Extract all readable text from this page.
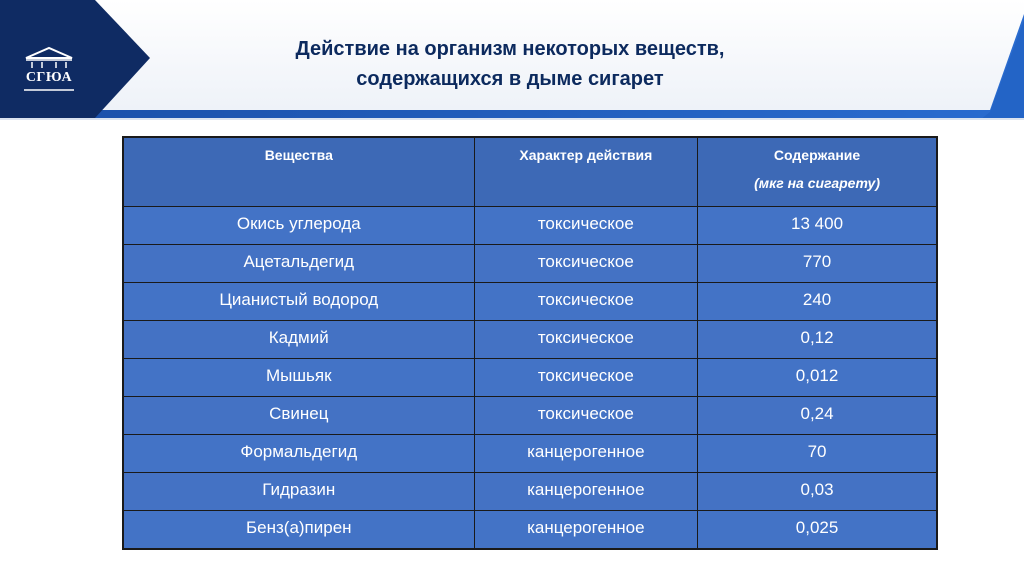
СГЮА
Действие на организм некоторых веществ,
содержащихся в дыме сигарет
Вещества	Характер действия	Содержание
(мкг на сигарету)

Окись углерода	токсическое	13 400
Ацетальдегид	токсическое	770
Цианистый водород	токсическое	240
Кадмий	токсическое	0,12
Мышьяк	токсическое	0,012
Свинец	токсическое	0,24
Формальдегид	канцерогенное	70
Гидразин	канцерогенное	0,03
Бенз(а)пирен	канцерогенное	0,025
